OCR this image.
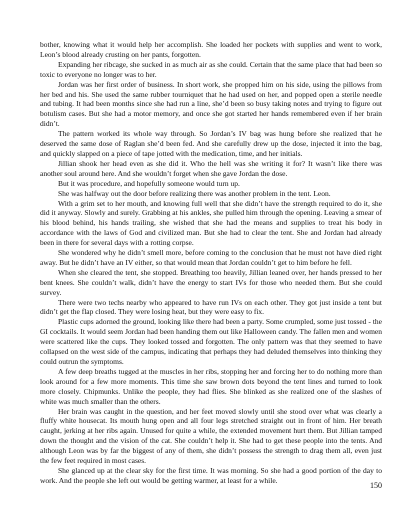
bother, knowing what it would help her accomplish. She loaded her pockets with supplies and went to work, Leon’s blood already crusting on her pants, forgotten.

Expanding her ribcage, she sucked in as much air as she could. Certain that the same place that had been so toxic to everyone no longer was to her.

Jordan was her first order of business. In short work, she propped him on his side, using the pillows from her bed and his. She used the same rubber tourniquet that he had used on her, and popped open a sterile needle and tubing. It had been months since she had run a line, she’d been so busy taking notes and trying to figure out botulism cases. But she had a motor memory, and once she got started her hands remembered even if her brain didn’t.

The pattern worked its whole way through. So Jordan’s IV bag was hung before she realized that he deserved the same dose of Raglan she’d been fed. And she carefully drew up the dose, injected it into the bag, and quickly slapped on a piece of tape jotted with the medication, time, and her initials.

Jillian shook her head even as she did it. Who the hell was she writing it for? It wasn’t like there was another soul around here. And she wouldn’t forget when she gave Jordan the dose.

But it was procedure, and hopefully someone would turn up.

She was halfway out the door before realizing there was another problem in the tent. Leon.

With a grim set to her mouth, and knowing full well that she didn’t have the strength required to do it, she did it anyway. Slowly and surely. Grabbing at his ankles, she pulled him through the opening. Leaving a smear of his blood behind, his hands trailing, she wished that she had the means and supplies to treat his body in accordance with the laws of God and civilized man. But she had to clear the tent. She and Jordan had already been in there for several days with a rotting corpse.

She wondered why he didn’t smell more, before coming to the conclusion that he must not have died right away. But he didn’t have an IV either, so that would mean that Jordan couldn’t get to him before he fell.

When she cleared the tent, she stopped. Breathing too heavily, Jillian leaned over, her hands pressed to her bent knees. She couldn’t walk, didn’t have the energy to start IVs for those who needed them. But she could survey.

There were two techs nearby who appeared to have run IVs on each other. They got just inside a tent but didn’t get the flap closed. They were losing heat, but they were easy to fix.

Plastic cups adorned the ground, looking like there had been a party. Some crumpled, some just tossed - the GI cocktails. It would seem Jordan had been handing them out like Halloween candy. The fallen men and women were scattered like the cups. They looked tossed and forgotten. The only pattern was that they seemed to have collapsed on the west side of the campus, indicating that perhaps they had deluded themselves into thinking they could outrun the symptoms.

A few deep breaths tugged at the muscles in her ribs, stopping her and forcing her to do nothing more than look around for a few more moments. This time she saw brown dots beyond the tent lines and turned to look more closely. Chipmunks. Unlike the people, they had flies. She blinked as she realized one of the slashes of white was much smaller than the others.

Her brain was caught in the question, and her feet moved slowly until she stood over what was clearly a fluffy white housecat. Its mouth hung open and all four legs stretched straight out in front of him. Her breath caught, jerking at her ribs again. Unused for quite a while, the extended movement hurt them. But Jillian tamped down the thought and the vision of the cat. She couldn’t help it. She had to get these people into the tents. And although Leon was by far the biggest of any of them, she didn’t possess the strength to drag them all, even just the few feet required in most cases.

She glanced up at the clear sky for the first time. It was morning. So she had a good portion of the day to work. And the people she left out would be getting warmer, at least for a while.

150
